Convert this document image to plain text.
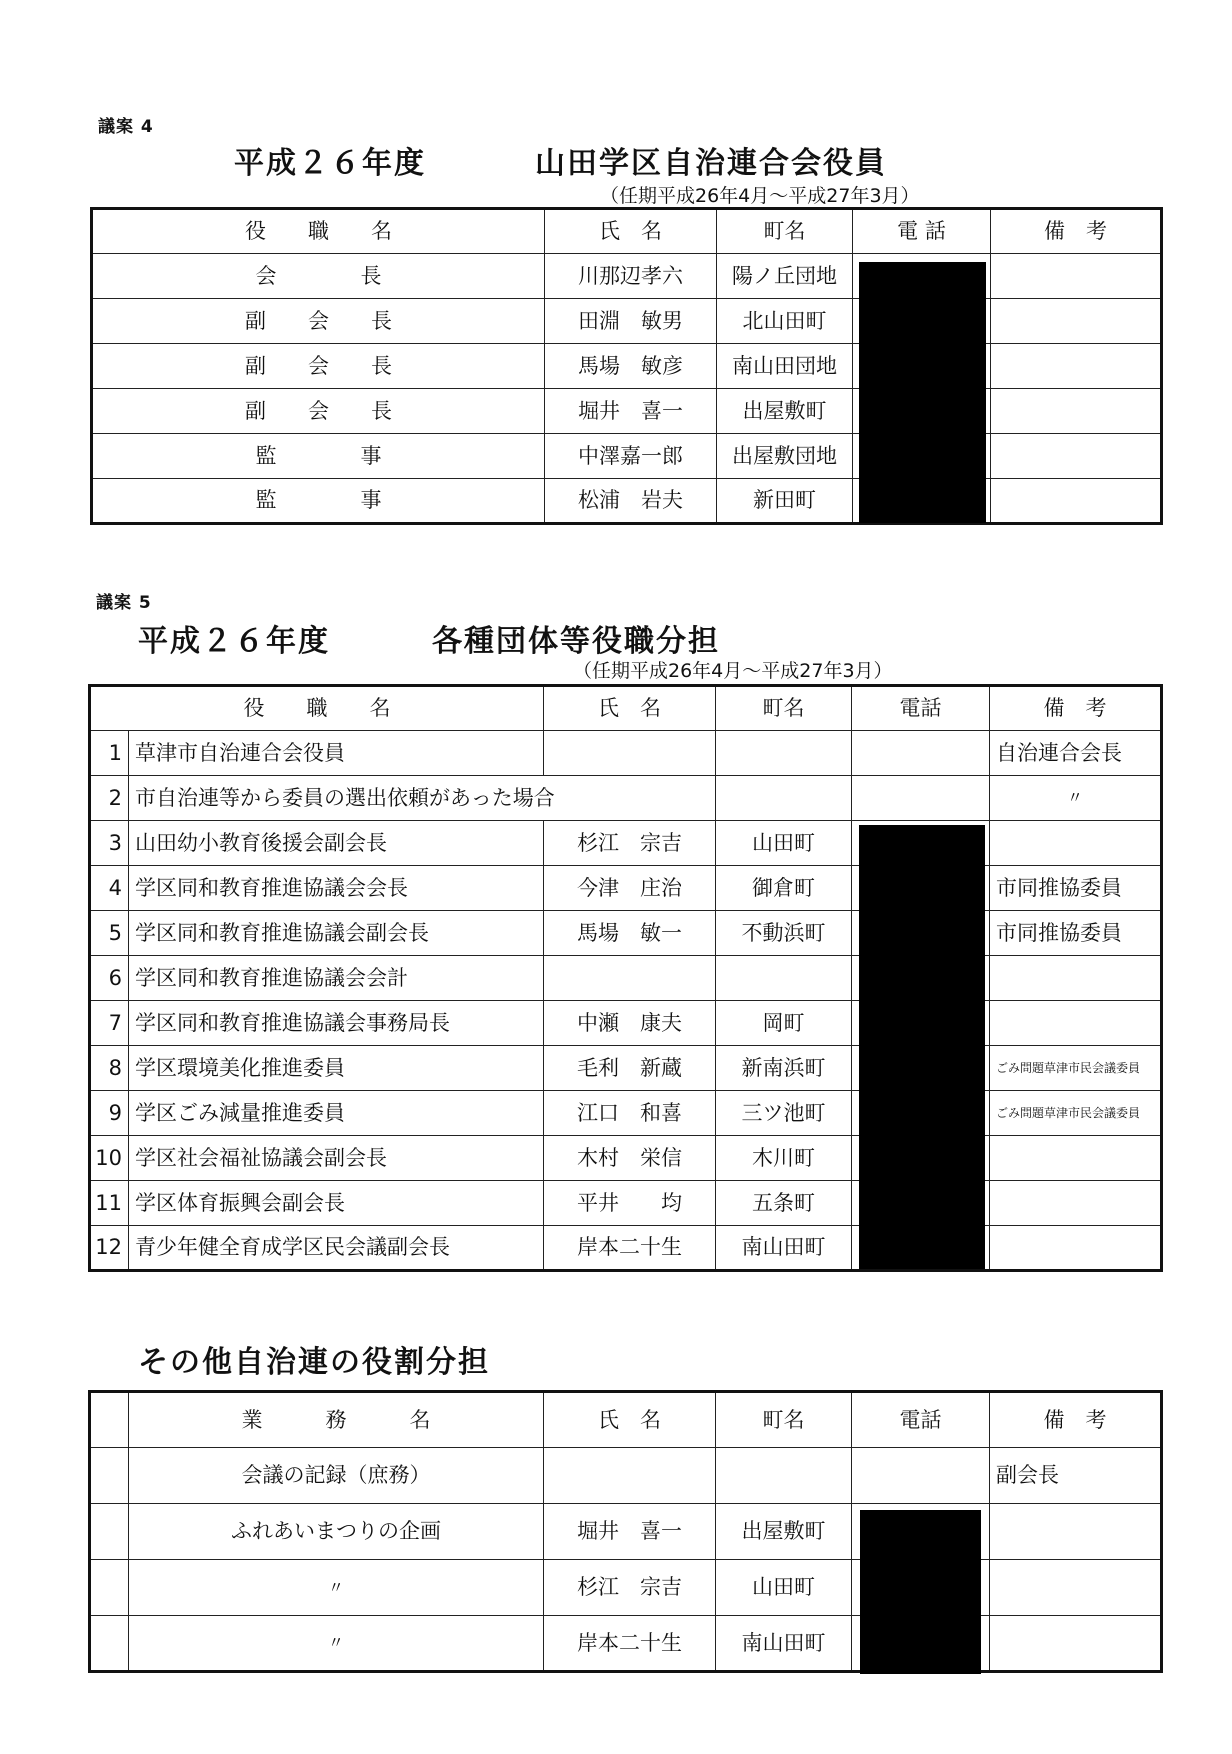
議案 4
平成２６年度	山田学区自治連合会役員
（任期平成26年4月～平成27年3月）
役　　職　　名	氏　名	町名	電 話	備　考
会　　　　長	川那辺孝六	陽ノ丘団地		
副　　会　　長	田淵　敏男	北山田町		
副　　会　　長	馬場　敏彦	南山田団地		
副　　会　　長	堀井　喜一	出屋敷町		
監　　　　事	中澤嘉一郎	出屋敷団地		
監　　　　事	松浦　岩夫	新田町		
議案 5
平成２６年度	各種団体等役職分担
（任期平成26年4月～平成27年3月）
役　　職　　名		氏　名	町名	電話	備　考
1	草津市自治連合会役員				自治連合会長
2	市自治連等から委員の選出依頼があった場合				〃
3	山田幼小教育後援会副会長	杉江　宗吉	山田町		
4	学区同和教育推進協議会会長	今津　庄治	御倉町		市同推協委員
5	学区同和教育推進協議会副会長	馬場　敏一	不動浜町		市同推協委員
6	学区同和教育推進協議会会計				
7	学区同和教育推進協議会事務局長	中瀬　康夫	岡町		
8	学区環境美化推進委員	毛利　新蔵	新南浜町		ごみ問題草津市民会議委員
9	学区ごみ減量推進委員	江口　和喜	三ツ池町		ごみ問題草津市民会議委員
10	学区社会福祉協議会副会長	木村　栄信	木川町		
11	学区体育振興会副会長	平井　　均	五条町		
12	青少年健全育成学区民会議副会長	岸本二十生	南山田町		
その他自治連の役割分担
	業　　　務　　　名	氏　名	町名	電話	備　考
	会議の記録（庶務）				副会長
	ふれあいまつりの企画	堀井　喜一	出屋敷町		
	〃	杉江　宗吉	山田町		
	〃	岸本二十生	南山田町		
